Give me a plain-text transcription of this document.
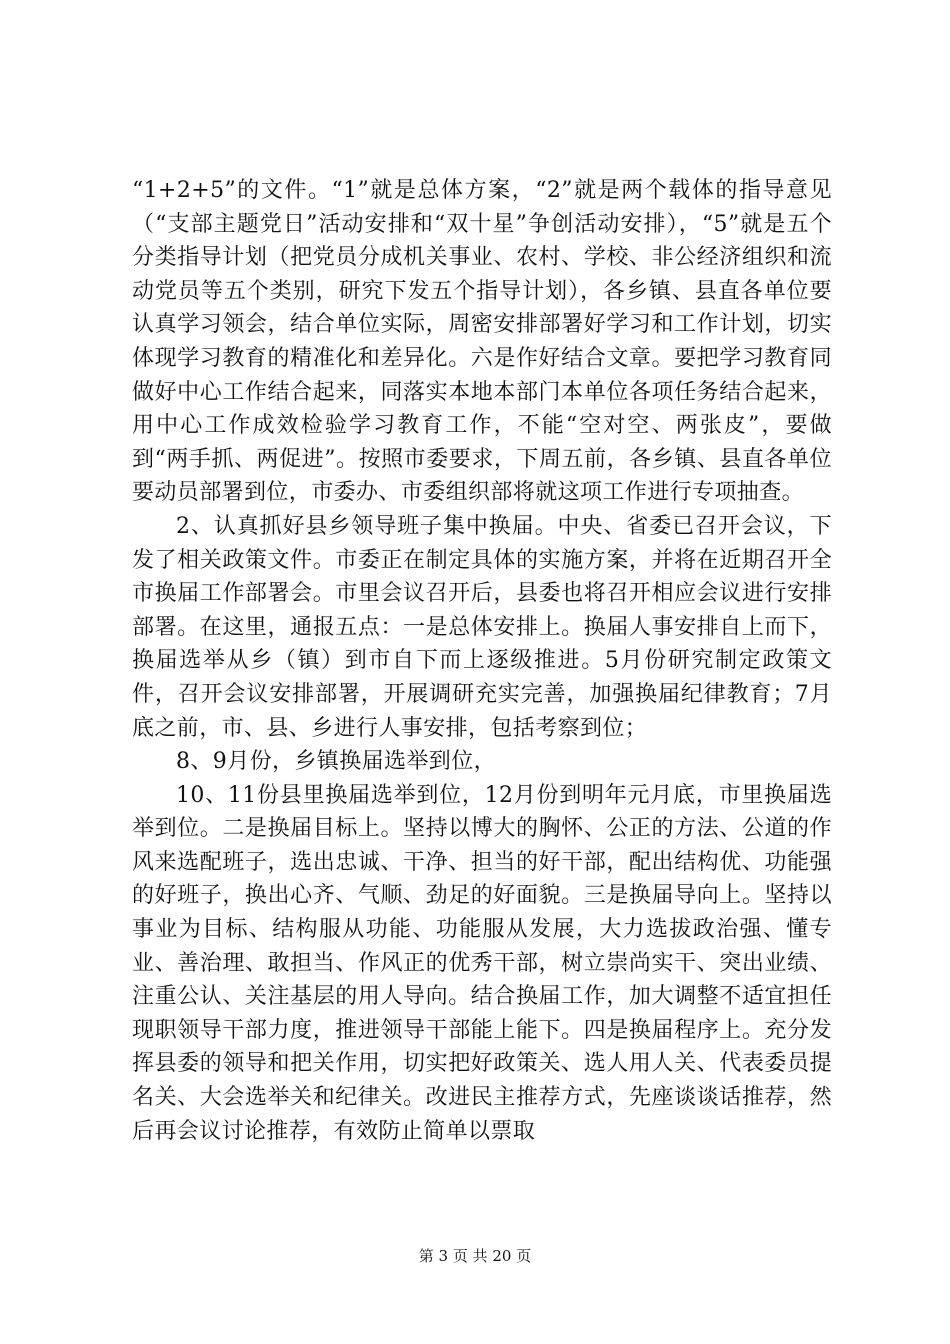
“1+2+5”的文件。“1”就是总体方案，“2”就是两个载体的指导意见（“支部主题党日”活动安排和“双十星”争创活动安排），“5”就是五个分类指导计划（把党员分成机关事业、农村、学校、非公经济组织和流动党员等五个类别，研究下发五个指导计划），各乡镇、县直各单位要认真学习领会，结合单位实际，周密安排部署好学习和工作计划，切实体现学习教育的精准化和差异化。六是作好结合文章。要把学习教育同做好中心工作结合起来，同落实本地本部门本单位各项任务结合起来，用中心工作成效检验学习教育工作，不能“空对空、两张皮”，要做到“两手抓、两促进”。按照市委要求，下周五前，各乡镇、县直各单位要动员部署到位，市委办、市委组织部将就这项工作进行专项抽查。

2、认真抓好县乡领导班子集中换届。中央、省委已召开会议，下发了相关政策文件。市委正在制定具体的实施方案，并将在近期召开全市换届工作部署会。市里会议召开后，县委也将召开相应会议进行安排部署。在这里，通报五点：一是总体安排上。换届人事安排自上而下，换届选举从乡（镇）到市自下而上逐级推进。5月份研究制定政策文件，召开会议安排部署，开展调研充实完善，加强换届纪律教育；7月底之前，市、县、乡进行人事安排，包括考察到位；

8、9月份，乡镇换届选举到位，

10、11份县里换届选举到位，12月份到明年元月底，市里换届选举到位。二是换届目标上。坚持以博大的胸怀、公正的方法、公道的作风来选配班子，选出忠诚、干净、担当的好干部，配出结构优、功能强的好班子，换出心齐、气顺、劲足的好面貌。三是换届导向上。坚持以事业为目标、结构服从功能、功能服从发展，大力选拔政治强、懂专业、善治理、敢担当、作风正的优秀干部，树立崇尚实干、突出业绩、注重公认、关注基层的用人导向。结合换届工作，加大调整不适宜担任现职领导干部力度，推进领导干部能上能下。四是换届程序上。充分发挥县委的领导和把关作用，切实把好政策关、选人用人关、代表委员提名关、大会选举关和纪律关。改进民主推荐方式，先座谈谈话推荐，然后再会议讨论推荐，有效防止简单以票取

第 3 页 共 20 页
